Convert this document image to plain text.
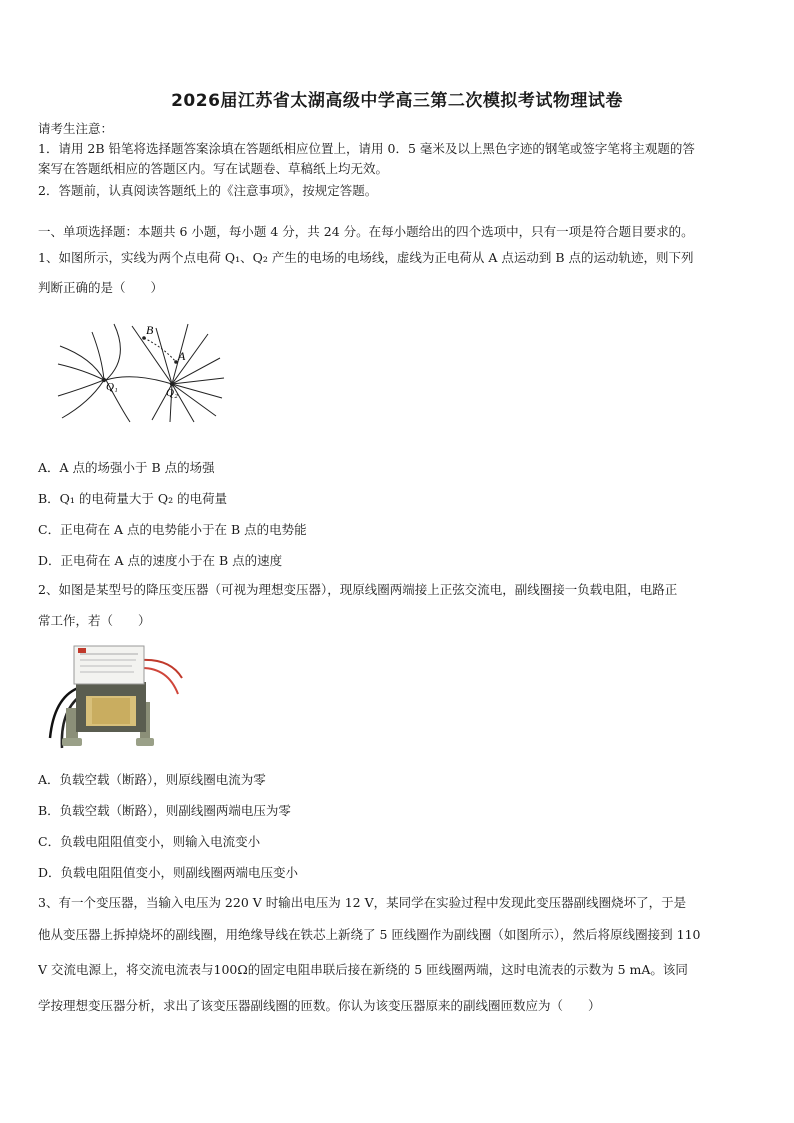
2026届江苏省太湖高级中学高三第二次模拟考试物理试卷
请考生注意：
1．请用 2B 铅笔将选择题答案涂填在答题纸相应位置上，请用 0．5 毫米及以上黑色字迹的钢笔或签字笔将主观题的答
案写在答题纸相应的答题区内。写在试题卷、草稿纸上均无效。
2．答题前，认真阅读答题纸上的《注意事项》，按规定答题。
一、单项选择题：本题共 6 小题，每小题 4 分，共 24 分。在每小题给出的四个选项中，只有一项是符合题目要求的。
1、如图所示，实线为两个点电荷 Q₁、Q₂ 产生的电场的电场线，虚线为正电荷从 A 点运动到 B 点的运动轨迹，则下列
判断正确的是（　　）
B
A
Q₁	Q₂
A．A 点的场强小于 B 点的场强
B．Q₁ 的电荷量大于 Q₂ 的电荷量
C．正电荷在 A 点的电势能小于在 B 点的电势能
D．正电荷在 A 点的速度小于在 B 点的速度
2、如图是某型号的降压变压器（可视为理想变压器），现原线圈两端接上正弦交流电，副线圈接一负载电阻，电路正
常工作，若（　　）
A．负载空载（断路），则原线圈电流为零
B．负载空载（断路），则副线圈两端电压为零
C．负载电阻阻值变小，则输入电流变小
D．负载电阻阻值变小，则副线圈两端电压变小
3、有一个变压器，当输入电压为 220 V 时输出电压为 12 V，某同学在实验过程中发现此变压器副线圈烧坏了，于是
他从变压器上拆掉烧坏的副线圈，用绝缘导线在铁芯上新绕了 5 匝线圈作为副线圈（如图所示），然后将原线圈接到 110
V 交流电源上，将交流电流表与100Ω的固定电阻串联后接在新绕的 5 匝线圈两端，这时电流表的示数为 5 mA。该同
学按理想变压器分析，求出了该变压器副线圈的匝数。你认为该变压器原来的副线圈匝数应为（　　）
